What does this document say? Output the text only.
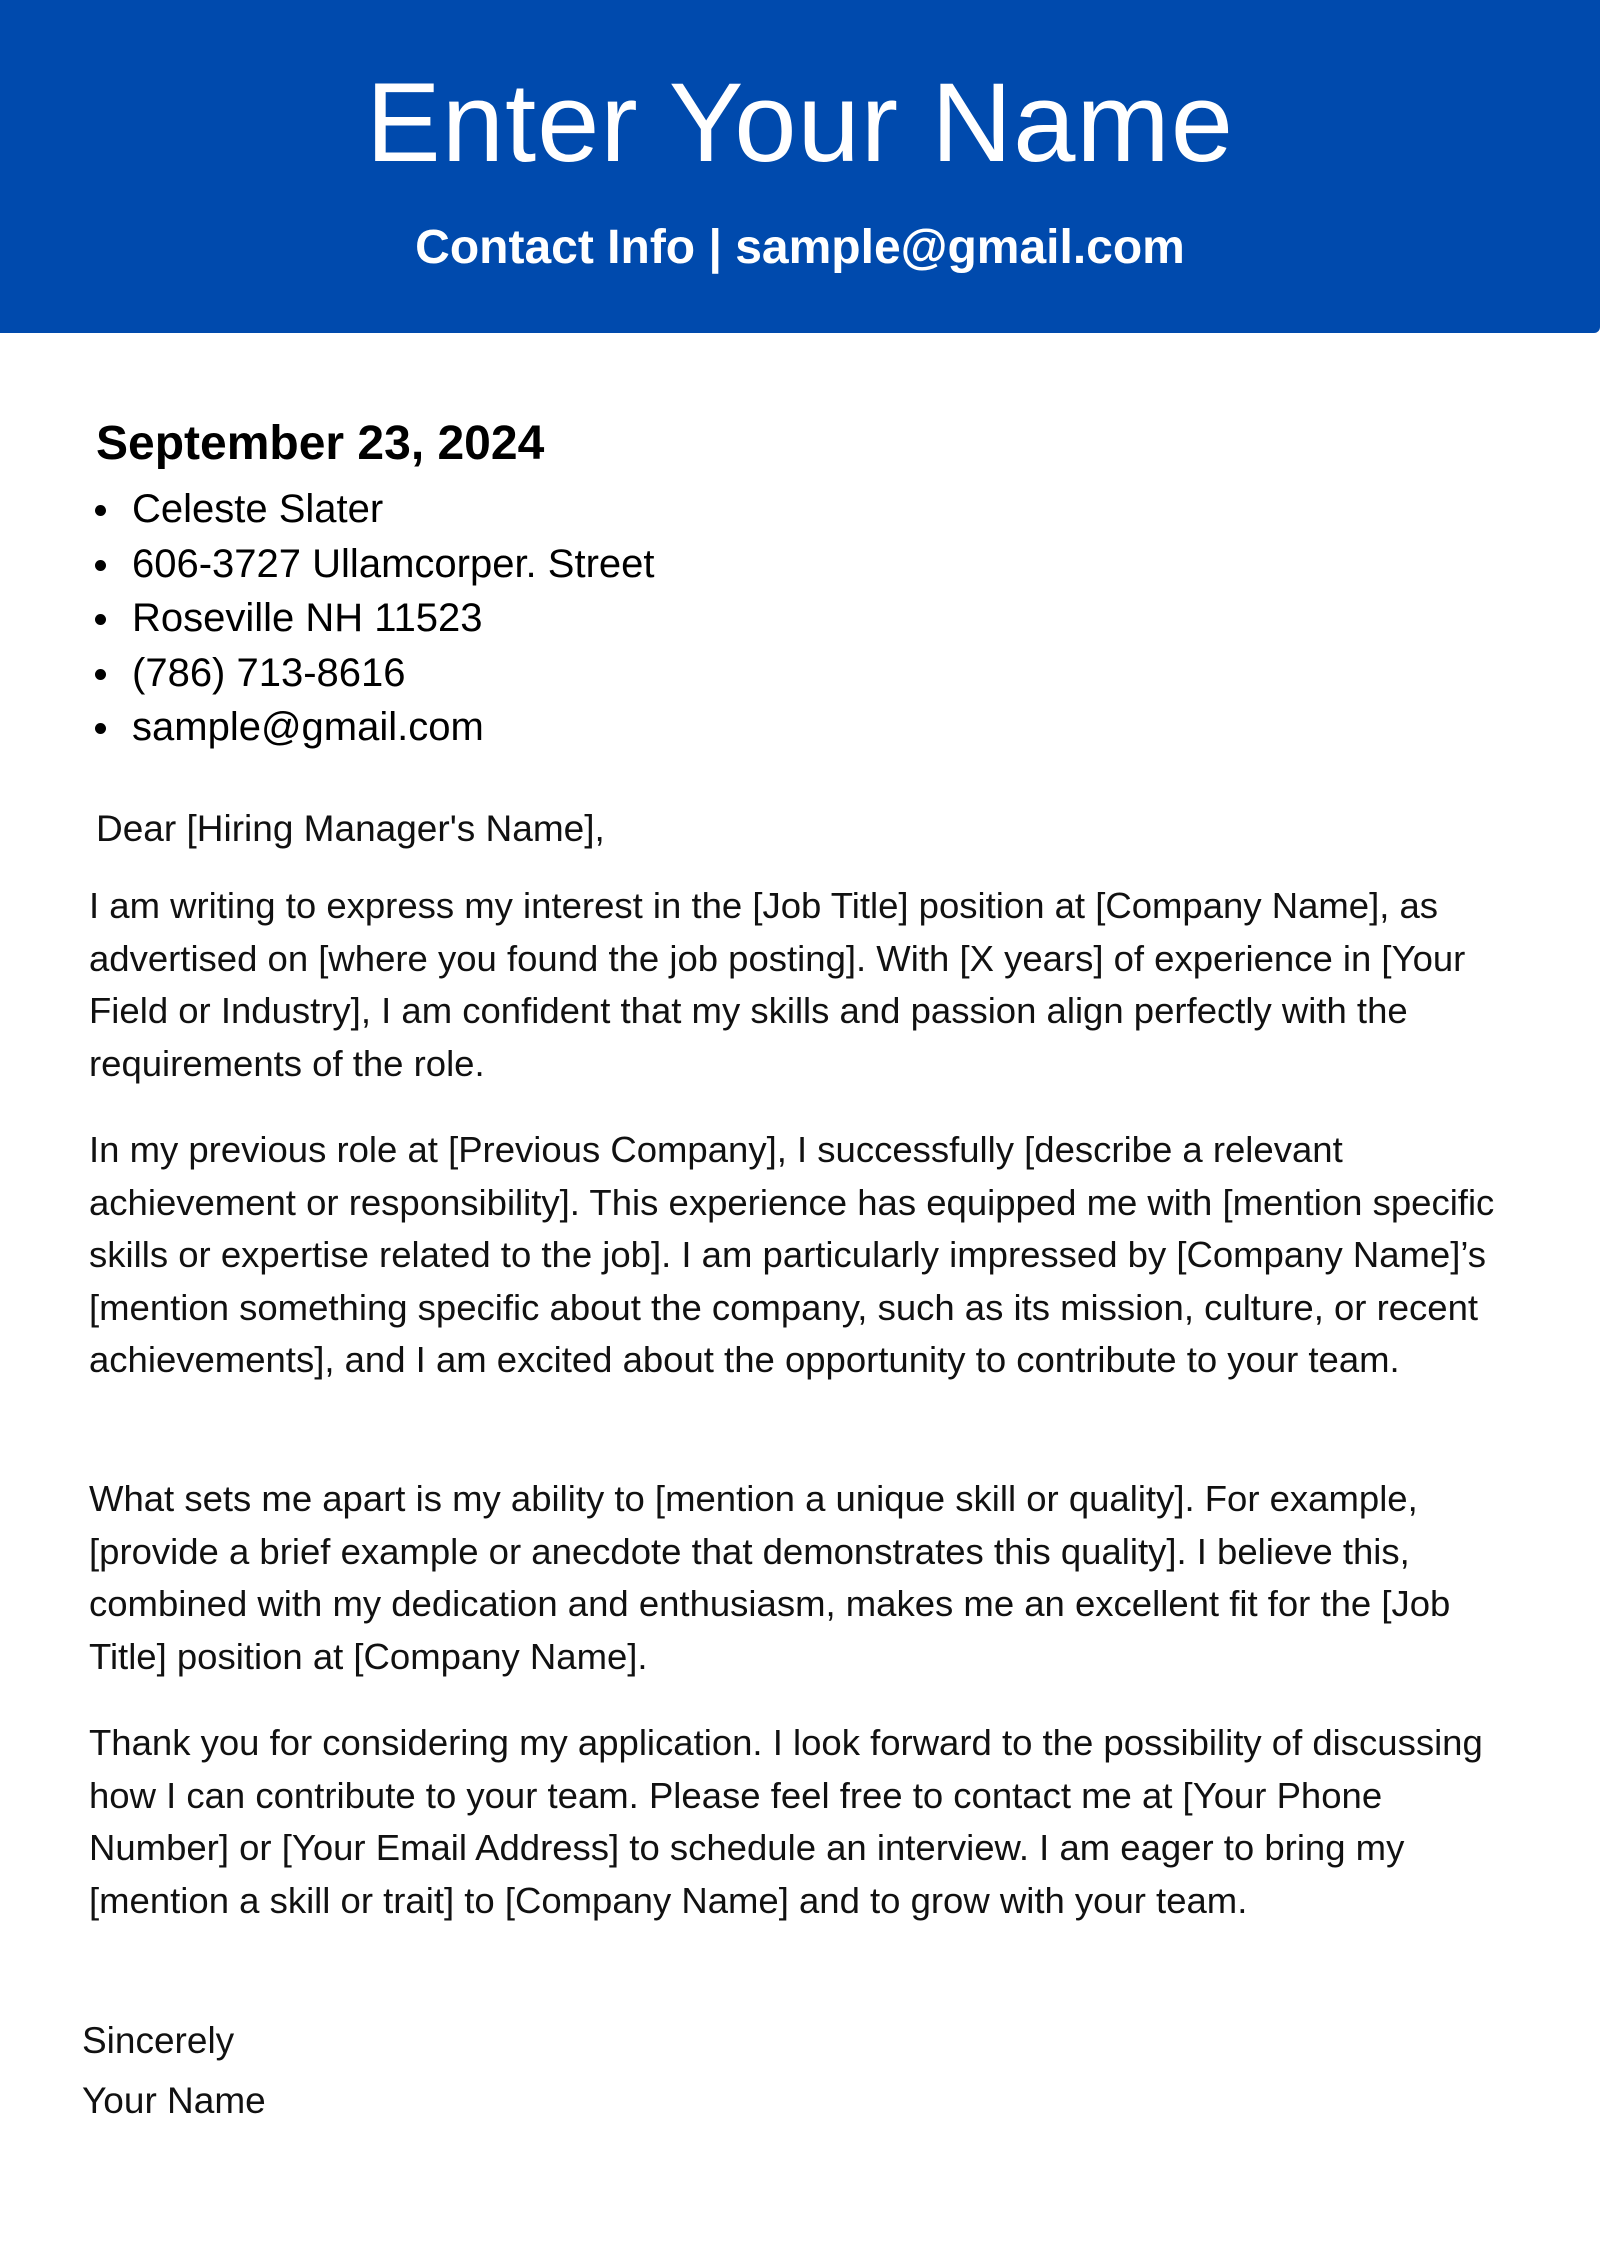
Enter Your Name
Contact Info | sample@gmail.com
September 23, 2024
Celeste Slater
606-3727 Ullamcorper. Street
Roseville NH 11523
(786) 713-8616
sample@gmail.com
Dear [Hiring Manager's Name],
I am writing to express my interest in the [Job Title] position at [Company Name], as advertised on [where you found the job posting]. With [X years] of experience in [Your Field or Industry], I am confident that my skills and passion align perfectly with the requirements of the role.
In my previous role at [Previous Company], I successfully [describe a relevant achievement or responsibility]. This experience has equipped me with [mention specific skills or expertise related to the job]. I am particularly impressed by [Company Name]’s [mention something specific about the company, such as its mission, culture, or recent achievements], and I am excited about the opportunity to contribute to your team.
What sets me apart is my ability to [mention a unique skill or quality]. For example, [provide a brief example or anecdote that demonstrates this quality]. I believe this, combined with my dedication and enthusiasm, makes me an excellent fit for the [Job Title] position at [Company Name].
Thank you for considering my application. I look forward to the possibility of discussing how I can contribute to your team. Please feel free to contact me at [Your Phone Number] or [Your Email Address] to schedule an interview. I am eager to bring my [mention a skill or trait] to [Company Name] and to grow with your team.
Sincerely
Your Name
